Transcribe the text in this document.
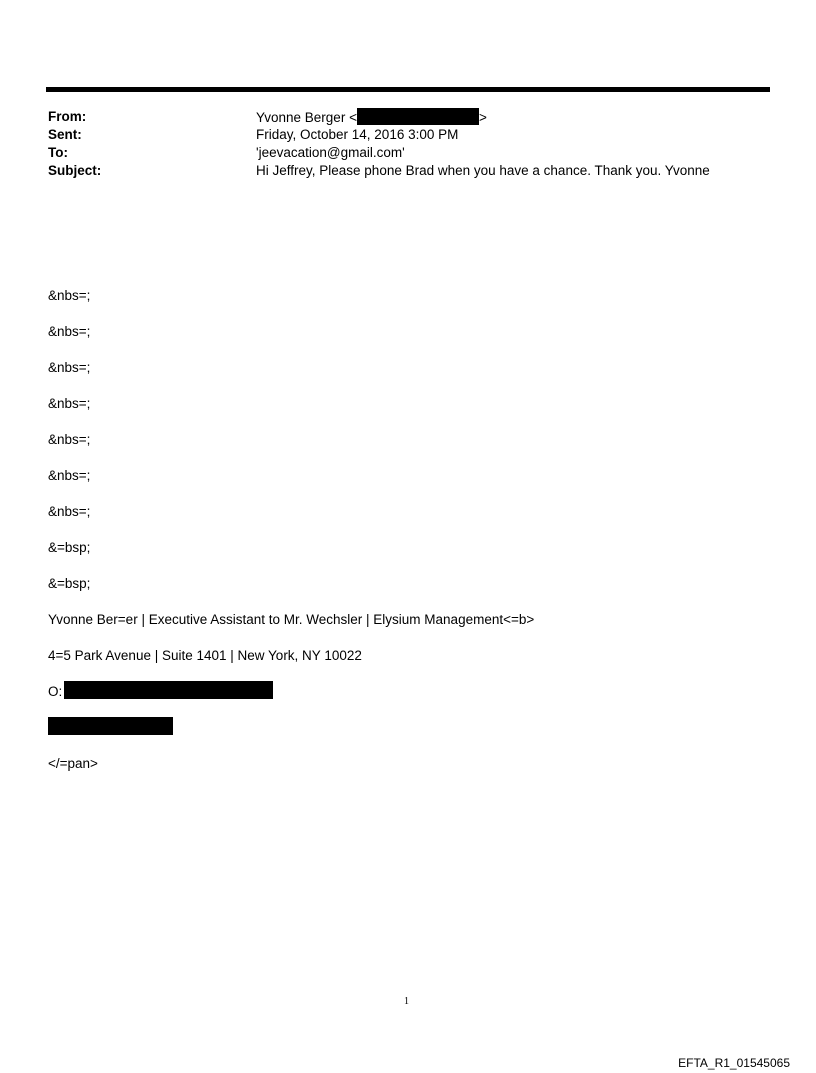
From:	Yvonne Berger <	>
Sent:	Friday, October 14, 2016 3:00 PM
To:	'jeevacation@gmail.com'
Subject:	Hi Jeffrey, Please phone Brad when you have a chance. Thank you. Yvonne
&nbs=;
&nbs=;
&nbs=;
&nbs=;
&nbs=;
&nbs=;
&nbs=;
&=bsp;
&=bsp;
Yvonne Ber=er | Executive Assistant to Mr. Wechsler | Elysium Management<=b>
4=5 Park Avenue | Suite 1401 | New York, NY 10022
O:
</=pan>
1
EFTA_R1_01545065
